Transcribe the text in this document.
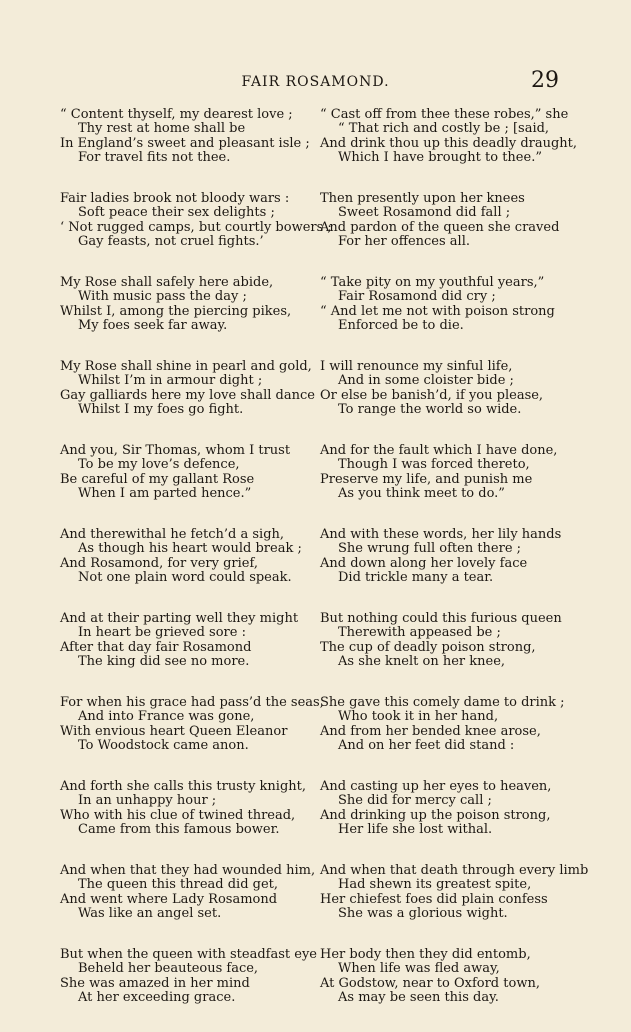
FAIR ROSAMOND.	29
“ Content thyself, my dearest love ;
Thy rest at home shall be
In England’s sweet and pleasant isle ;
For travel fits not thee.
Fair ladies brook not bloody wars :
Soft peace their sex delights ;
‘ Not rugged camps, but courtly bowers ;
Gay feasts, not cruel fights.’
My Rose shall safely here abide,
With music pass the day ;
Whilst I, among the piercing pikes,
My foes seek far away.
My Rose shall shine in pearl and gold,
Whilst I’m in armour dight ;
Gay galliards here my love shall dance
Whilst I my foes go fight.
And you, Sir Thomas, whom I trust
To be my love’s defence,
Be careful of my gallant Rose
When I am parted hence.”
And therewithal he fetch’d a sigh,
As though his heart would break ;
And Rosamond, for very grief,
Not one plain word could speak.
And at their parting well they might
In heart be grieved sore :
After that day fair Rosamond
The king did see no more.
For when his grace had pass’d the seas,
And into France was gone,
With envious heart Queen Eleanor
To Woodstock came anon.
And forth she calls this trusty knight,
In an unhappy hour ;
Who with his clue of twined thread,
Came from this famous bower.
And when that they had wounded him,
The queen this thread did get,
And went where Lady Rosamond
Was like an angel set.
But when the queen with steadfast eye
Beheld her beauteous face,
She was amazed in her mind
At her exceeding grace.
“ Cast off from thee these robes,” she
“ That rich and costly be ; [said,
And drink thou up this deadly draught,
Which I have brought to thee.”
Then presently upon her knees
Sweet Rosamond did fall ;
And pardon of the queen she craved
For her offences all.
“ Take pity on my youthful years,”
Fair Rosamond did cry ;
“ And let me not with poison strong
Enforced be to die.
I will renounce my sinful life,
And in some cloister bide ;
Or else be banish’d, if you please,
To range the world so wide.
And for the fault which I have done,
Though I was forced thereto,
Preserve my life, and punish me
As you think meet to do.”
And with these words, her lily hands
She wrung full often there ;
And down along her lovely face
Did trickle many a tear.
But nothing could this furious queen
Therewith appeased be ;
The cup of deadly poison strong,
As she knelt on her knee,
She gave this comely dame to drink ;
Who took it in her hand,
And from her bended knee arose,
And on her feet did stand :
And casting up her eyes to heaven,
She did for mercy call ;
And drinking up the poison strong,
Her life she lost withal.
And when that death through every limb
Had shewn its greatest spite,
Her chiefest foes did plain confess
She was a glorious wight.
Her body then they did entomb,
When life was fled away,
At Godstow, near to Oxford town,
As may be seen this day.
